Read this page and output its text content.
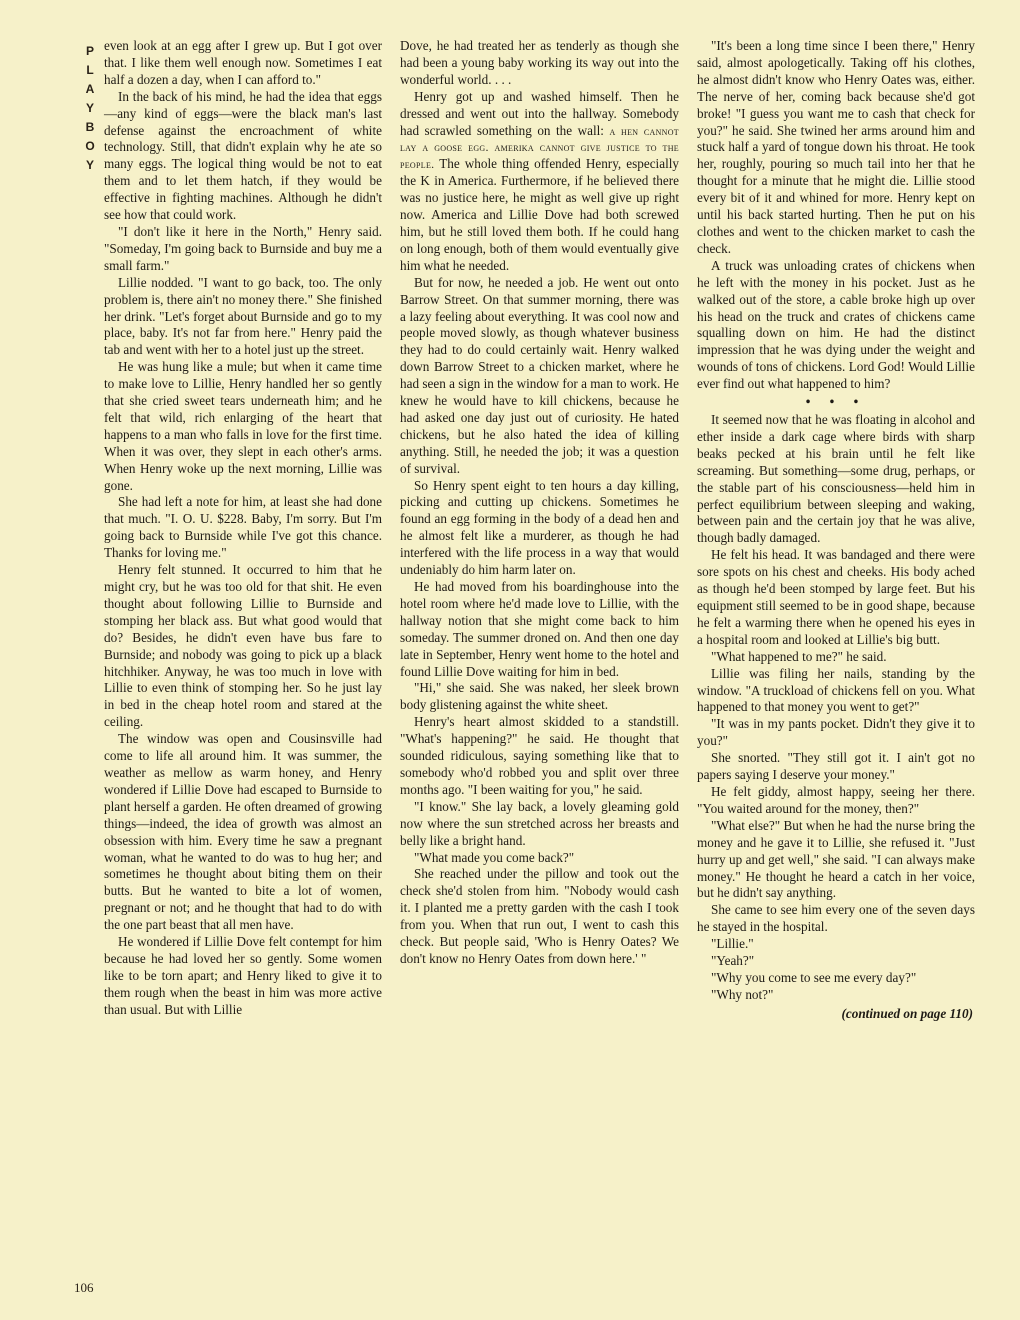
P
L
A
Y
B
O
Y
106

even look at an egg after I grew up. But I got over that. I like them well enough now. Sometimes I eat half a dozen a day, when I can afford to."

In the back of his mind, he had the idea that eggs—any kind of eggs—were the black man's last defense against the encroachment of white technology. Still, that didn't explain why he ate so many eggs. The logical thing would be not to eat them and to let them hatch, if they would be effective in fighting machines. Although he didn't see how that could work.

"I don't like it here in the North," Henry said. "Someday, I'm going back to Burnside and buy me a small farm."

Lillie nodded. "I want to go back, too. The only problem is, there ain't no money there." She finished her drink. "Let's forget about Burnside and go to my place, baby. It's not far from here." Henry paid the tab and went with her to a hotel just up the street.

He was hung like a mule; but when it came time to make love to Lillie, Henry handled her so gently that she cried sweet tears underneath him; and he felt that wild, rich enlarging of the heart that happens to a man who falls in love for the first time. When it was over, they slept in each other's arms. When Henry woke up the next morning, Lillie was gone.

She had left a note for him, at least she had done that much. "I. O. U. $228. Baby, I'm sorry. But I'm going back to Burnside while I've got this chance. Thanks for loving me."

Henry felt stunned. It occurred to him that he might cry, but he was too old for that shit. He even thought about following Lillie to Burnside and stomping her black ass. But what good would that do? Besides, he didn't even have bus fare to Burnside; and nobody was going to pick up a black hitchhiker. Anyway, he was too much in love with Lillie to even think of stomping her. So he just lay in bed in the cheap hotel room and stared at the ceiling.

The window was open and Cousinsville had come to life all around him. It was summer, the weather as mellow as warm honey, and Henry wondered if Lillie Dove had escaped to Burnside to plant herself a garden. He often dreamed of growing things—indeed, the idea of growth was almost an obsession with him. Every time he saw a pregnant woman, what he wanted to do was to hug her; and sometimes he thought about biting them on their butts. But he wanted to bite a lot of women, pregnant or not; and he thought that had to do with the one part beast that all men have.

He wondered if Lillie Dove felt contempt for him because he had loved her so gently. Some women like to be torn apart; and Henry liked to give it to them rough when the beast in him was more active than usual. But with Lillie

Dove, he had treated her as tenderly as though she had been a young baby working its way out into the wonderful world. . . .

Henry got up and washed himself. Then he dressed and went out into the hallway. Somebody had scrawled something on the wall: a hen cannot lay a goose egg. amerika cannot give justice to the people. The whole thing offended Henry, especially the K in America. Furthermore, if he believed there was no justice here, he might as well give up right now. America and Lillie Dove had both screwed him, but he still loved them both. If he could hang on long enough, both of them would eventually give him what he needed.

But for now, he needed a job. He went out onto Barrow Street. On that summer morning, there was a lazy feeling about everything. It was cool now and people moved slowly, as though whatever business they had to do could certainly wait. Henry walked down Barrow Street to a chicken market, where he had seen a sign in the window for a man to work. He knew he would have to kill chickens, because he had asked one day just out of curiosity. He hated chickens, but he also hated the idea of killing anything. Still, he needed the job; it was a question of survival.

So Henry spent eight to ten hours a day killing, picking and cutting up chickens. Sometimes he found an egg forming in the body of a dead hen and he almost felt like a murderer, as though he had interfered with the life process in a way that would undeniably do him harm later on.

He had moved from his boardinghouse into the hotel room where he'd made love to Lillie, with the hallway notion that she might come back to him someday. The summer droned on. And then one day late in September, Henry went home to the hotel and found Lillie Dove waiting for him in bed.

"Hi," she said. She was naked, her sleek brown body glistening against the white sheet.

Henry's heart almost skidded to a standstill. "What's happening?" he said. He thought that sounded ridiculous, saying something like that to somebody who'd robbed you and split over three months ago. "I been waiting for you," he said.

"I know." She lay back, a lovely gleaming gold now where the sun stretched across her breasts and belly like a bright hand.

"What made you come back?"

She reached under the pillow and took out the check she'd stolen from him. "Nobody would cash it. I planted me a pretty garden with the cash I took from you. When that run out, I went to cash this check. But people said, 'Who is Henry Oates? We don't know no Henry Oates from down here.' "

"It's been a long time since I been there," Henry said, almost apologetically. Taking off his clothes, he almost didn't know who Henry Oates was, either. The nerve of her, coming back because she'd got broke! "I guess you want me to cash that check for you?" he said. She twined her arms around him and stuck half a yard of tongue down his throat. He took her, roughly, pouring so much tail into her that he thought for a minute that he might die. Lillie stood every bit of it and whined for more. Henry kept on until his back started hurting. Then he put on his clothes and went to the chicken market to cash the check.

A truck was unloading crates of chickens when he left with the money in his pocket. Just as he walked out of the store, a cable broke high up over his head on the truck and crates of chickens came squalling down on him. He had the distinct impression that he was dying under the weight and wounds of tons of chickens. Lord God! Would Lillie ever find out what happened to him?

• • •

It seemed now that he was floating in alcohol and ether inside a dark cage where birds with sharp beaks pecked at his brain until he felt like screaming. But something—some drug, perhaps, or the stable part of his consciousness—held him in perfect equilibrium between sleeping and waking, between pain and the certain joy that he was alive, though badly damaged.

He felt his head. It was bandaged and there were sore spots on his chest and cheeks. His body ached as though he'd been stomped by large feet. But his equipment still seemed to be in good shape, because he felt a warming there when he opened his eyes in a hospital room and looked at Lillie's big butt.

"What happened to me?" he said.

Lillie was filing her nails, standing by the window. "A truckload of chickens fell on you. What happened to that money you went to get?"

"It was in my pants pocket. Didn't they give it to you?"

She snorted. "They still got it. I ain't got no papers saying I deserve your money."

He felt giddy, almost happy, seeing her there. "You waited around for the money, then?"

"What else?" But when he had the nurse bring the money and he gave it to Lillie, she refused it. "Just hurry up and get well," she said. "I can always make money." He thought he heard a catch in her voice, but he didn't say anything.

She came to see him every one of the seven days he stayed in the hospital.

"Lillie."

"Yeah?"

"Why you come to see me every day?"

"Why not?"

(continued on page 110)
